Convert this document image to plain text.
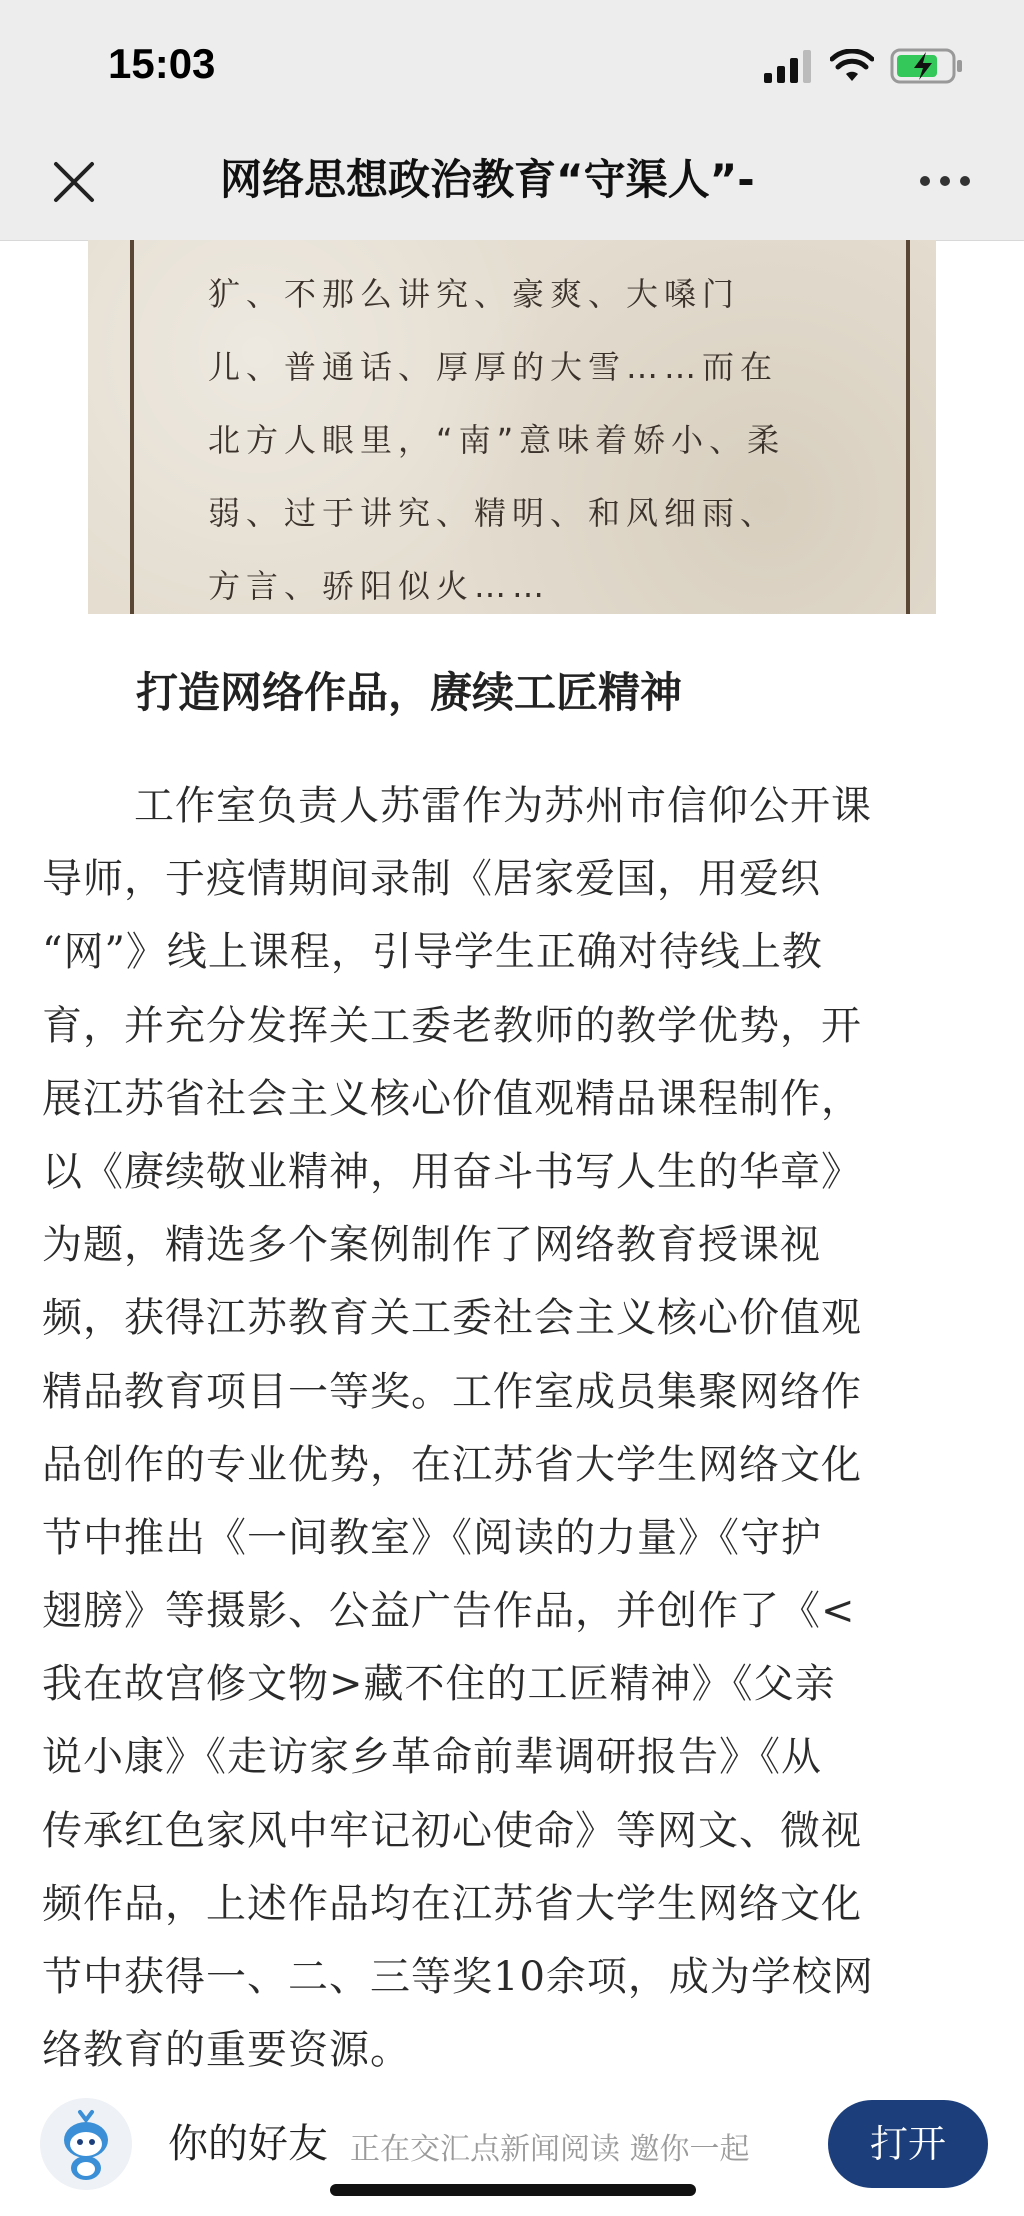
15:03
网络思想政治教育“守渠人”-
犷、不那么讲究、豪爽、大嗓门
儿、普通话、厚厚的大雪……而在
北方人眼里，“南”意味着娇小、柔
弱、过于讲究、精明、和风细雨、
方言、骄阳似火……
打造网络作品，赓续工匠精神
工作室负责人苏雷作为苏州市信仰公开课
导师，于疫情期间录制《居家爱国，用爱织
“网”》线上课程，引导学生正确对待线上教
育，并充分发挥关工委老教师的教学优势，开
展江苏省社会主义核心价值观精品课程制作，
以《赓续敬业精神，用奋斗书写人生的华章》
为题，精选多个案例制作了网络教育授课视
频，获得江苏教育关工委社会主义核心价值观
精品教育项目一等奖。工作室成员集聚网络作
品创作的专业优势，在江苏省大学生网络文化
节中推出《一间教室》《阅读的力量》《守护
翅膀》等摄影、公益广告作品，并创作了《<
我在故宫修文物>藏不住的工匠精神》《父亲
说小康》《走访家乡革命前辈调研报告》《从
传承红色家风中牢记初心使命》等网文、微视
频作品，上述作品均在江苏省大学生网络文化
节中获得一、二、三等奖10余项，成为学校网
络教育的重要资源。
你的好友 正在交汇点新闻阅读 邀你一起	打开
